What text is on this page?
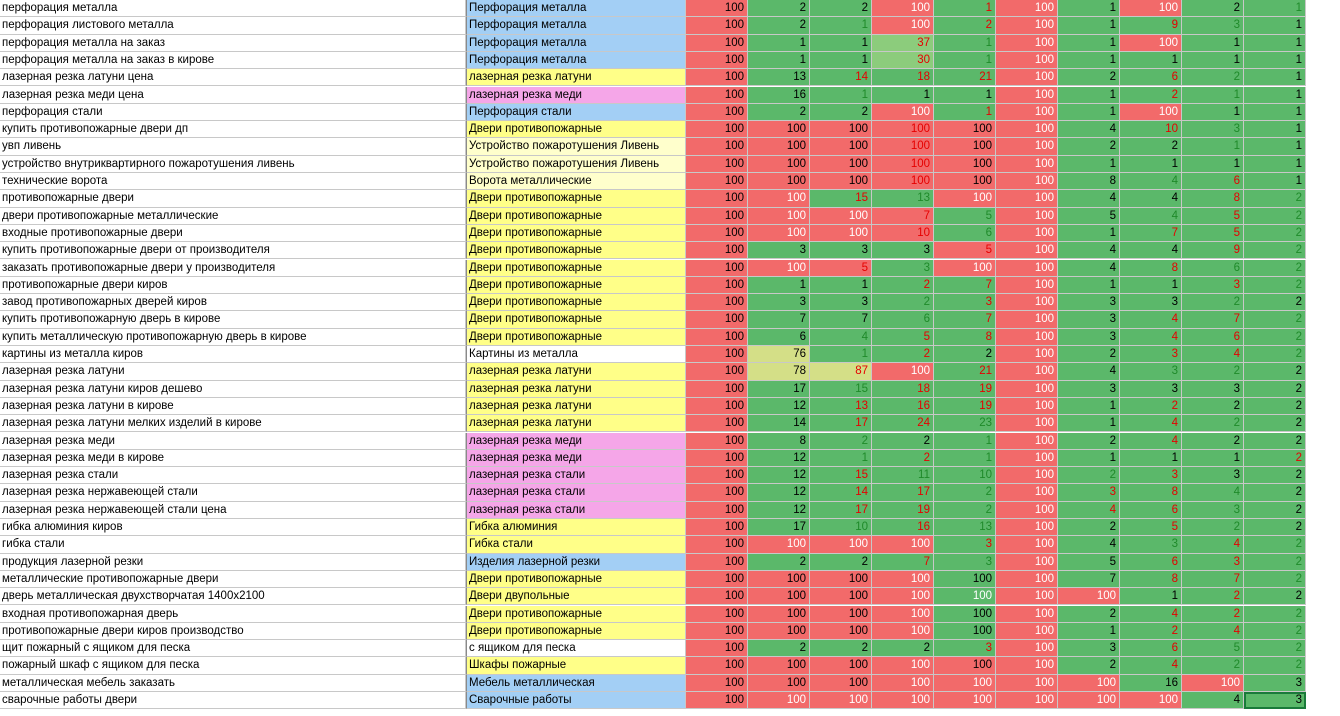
перфорация металла	Перфорация металла	100	2	2	100	1	100	1	100	2	1
перфорация листового металла	Перфорация металла	100	2	1	100	2	100	1	9	3	1
перфорация металла на заказ	Перфорация металла	100	1	1	37	1	100	1	100	1	1
перфорация металла на заказ в кирове	Перфорация металла	100	1	1	30	1	100	1	1	1	1
лазерная резка латуни цена	лазерная резка латуни	100	13	14	18	21	100	2	6	2	1
лазерная резка меди цена	лазерная резка меди	100	16	1	1	1	100	1	2	1	1
перфорация стали	Перфорация стали	100	2	2	100	1	100	1	100	1	1
купить противопожарные двери дп	Двери противопожарные	100	100	100	100	100	100	4	10	3	1
увп ливень	Устройство пожаротушения Ливень	100	100	100	100	100	100	2	2	1	1
устройство внутриквартирного пожаротушения ливень	Устройство пожаротушения Ливень	100	100	100	100	100	100	1	1	1	1
технические ворота	Ворота металлические	100	100	100	100	100	100	8	4	6	1
противопожарные двери	Двери противопожарные	100	100	15	13	100	100	4	4	8	2
двери противопожарные металлические	Двери противопожарные	100	100	100	7	5	100	5	4	5	2
входные противопожарные двери	Двери противопожарные	100	100	100	10	6	100	1	7	5	2
купить противопожарные двери от производителя	Двери противопожарные	100	3	3	3	5	100	4	4	9	2
заказать противопожарные двери у производителя	Двери противопожарные	100	100	5	3	100	100	4	8	6	2
противопожарные двери киров	Двери противопожарные	100	1	1	2	7	100	1	1	3	2
завод противопожарных дверей киров	Двери противопожарные	100	3	3	2	3	100	3	3	2	2
купить противопожарную дверь в кирове	Двери противопожарные	100	7	7	6	7	100	3	4	7	2
купить металлическую противопожарную дверь в кирове	Двери противопожарные	100	6	4	5	8	100	3	4	6	2
картины из металла киров	Картины из металла	100	76	1	2	2	100	2	3	4	2
лазерная резка латуни	лазерная резка латуни	100	78	87	100	21	100	4	3	2	2
лазерная резка латуни киров дешево	лазерная резка латуни	100	17	15	18	19	100	3	3	3	2
лазерная резка латуни в кирове	лазерная резка латуни	100	12	13	16	19	100	1	2	2	2
лазерная резка латуни мелких изделий в кирове	лазерная резка латуни	100	14	17	24	23	100	1	4	2	2
лазерная резка меди	лазерная резка меди	100	8	2	2	1	100	2	4	2	2
лазерная резка меди в кирове	лазерная резка меди	100	12	1	2	1	100	1	1	1	2
лазерная резка стали	лазерная резка стали	100	12	15	11	10	100	2	3	3	2
лазерная резка нержавеющей стали	лазерная резка стали	100	12	14	17	2	100	3	8	4	2
лазерная резка нержавеющей стали цена	лазерная резка стали	100	12	17	19	2	100	4	6	3	2
гибка алюминия киров	Гибка алюминия	100	17	10	16	13	100	2	5	2	2
гибка стали	Гибка стали	100	100	100	100	3	100	4	3	4	2
продукция лазерной резки	Изделия лазерной резки	100	2	2	7	3	100	5	6	3	2
металлические противопожарные двери	Двери противопожарные	100	100	100	100	100	100	7	8	7	2
дверь металлическая двухстворчатая 1400х2100	Двери двупольные	100	100	100	100	100	100	100	1	2	2
входная противопожарная дверь	Двери противопожарные	100	100	100	100	100	100	2	4	2	2
противопожарные двери киров производство	Двери противопожарные	100	100	100	100	100	100	1	2	4	2
щит пожарный с ящиком для песка	с ящиком для песка	100	2	2	2	3	100	3	6	5	2
пожарный шкаф с ящиком для песка	Шкафы пожарные	100	100	100	100	100	100	2	4	2	2
металлическая мебель заказать	Мебель металлическая	100	100	100	100	100	100	100	16	100	3
сварочные работы двери	Сварочные работы	100	100	100	100	100	100	100	100	4	3
